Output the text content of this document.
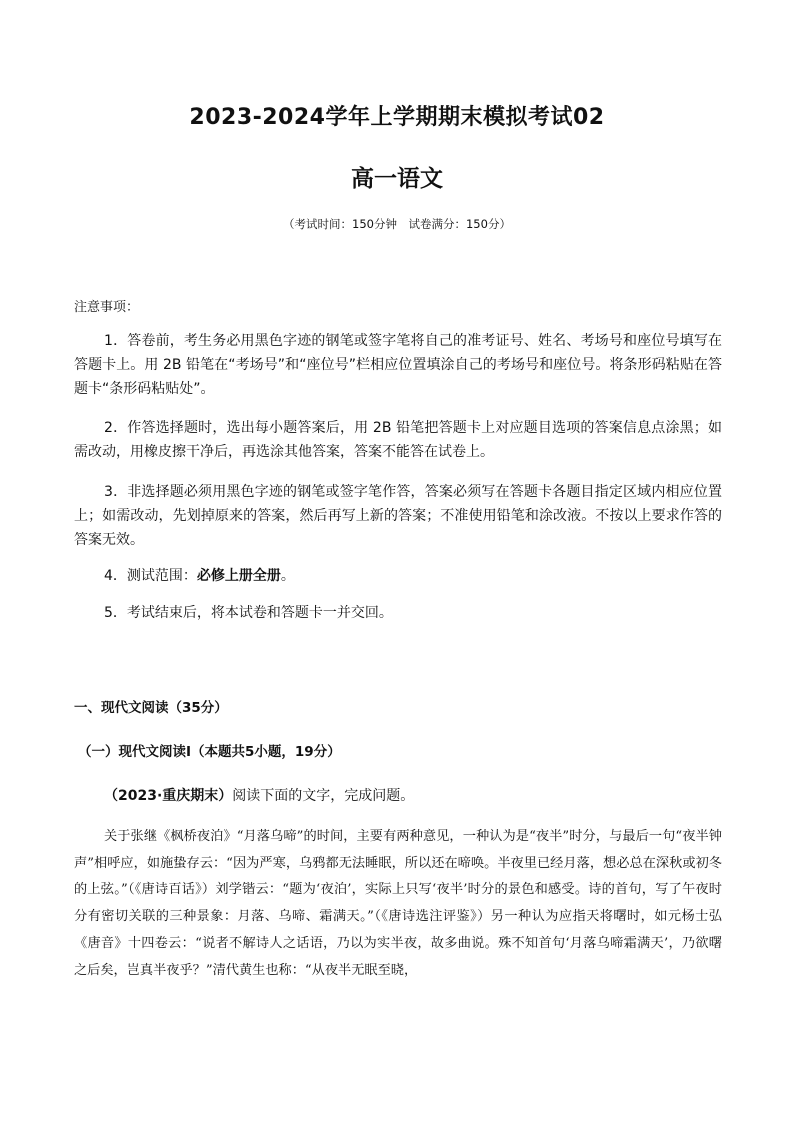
2023-2024学年上学期期末模拟考试02
高一语文
（考试时间：150分钟　试卷满分：150分）
注意事项：

1．答卷前，考生务必用黑色字迹的钢笔或签字笔将自己的准考证号、姓名、考场号和座位号填写在答题卡上。用 2B 铅笔在“考场号”和“座位号”栏相应位置填涂自己的考场号和座位号。将条形码粘贴在答题卡“条形码粘贴处”。

2．作答选择题时，选出每小题答案后，用 2B 铅笔把答题卡上对应题目选项的答案信息点涂黑；如需改动，用橡皮擦干净后，再选涂其他答案，答案不能答在试卷上。

3．非选择题必须用黑色字迹的钢笔或签字笔作答，答案必须写在答题卡各题目指定区域内相应位置上；如需改动，先划掉原来的答案，然后再写上新的答案；不准使用铅笔和涂改液。不按以上要求作答的答案无效。

4．测试范围：必修上册全册。

5．考试结束后，将本试卷和答题卡一并交回。

一、现代文阅读（35分）
（一）现代文阅读Ⅰ（本题共5小题，19分）
（2023·重庆期末）阅读下面的文字，完成问题。

关于张继《枫桥夜泊》“月落乌啼”的时间，主要有两种意见，一种认为是“夜半”时分，与最后一句“夜半钟声”相呼应，如施蛰存云：“因为严寒，乌鸦都无法睡眠，所以还在啼唤。半夜里已经月落，想必总在深秋或初冬的上弦。”（《唐诗百话》）刘学锴云：“题为‘夜泊’，实际上只写‘夜半’时分的景色和感受。诗的首句，写了午夜时分有密切关联的三种景象：月落、乌啼、霜满天。”（《唐诗选注评鉴》）另一种认为应指天将曙时，如元杨士弘《唐音》十四卷云：“说者不解诗人之话语，乃以为实半夜，故多曲说。殊不知首句‘月落乌啼霜满天’，乃欲曙之后矣，岂真半夜乎？”清代黄生也称：“从夜半无眠至晓，
